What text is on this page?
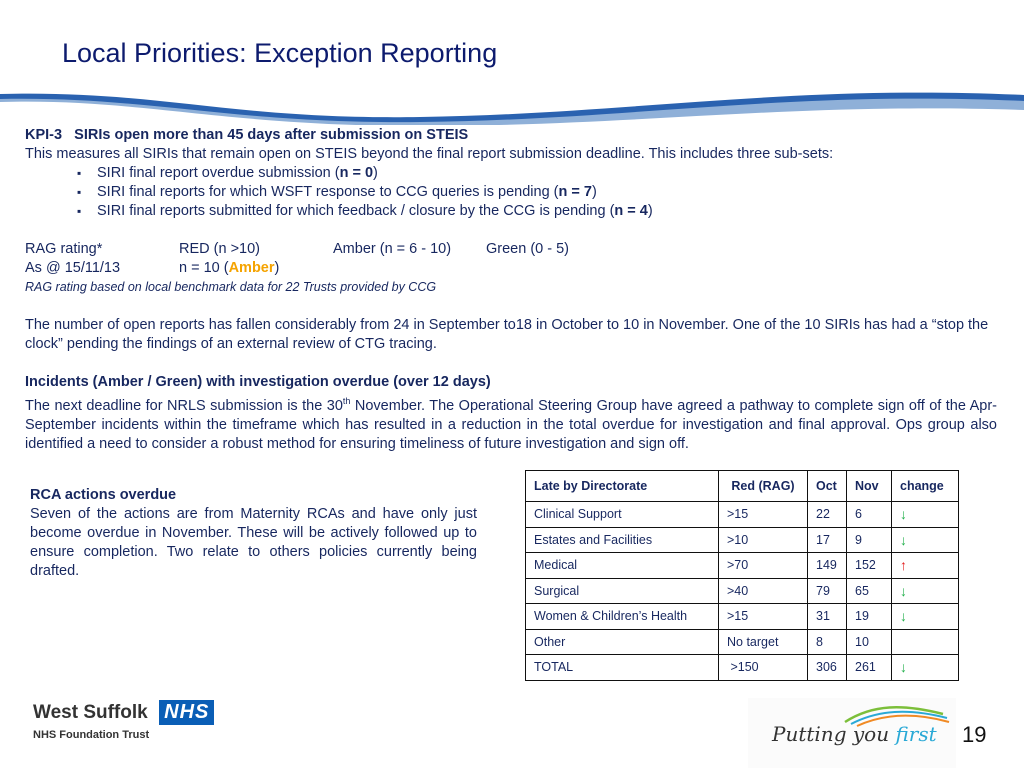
Local Priorities: Exception Reporting

KPI-3 SIRIs open more than 45 days after submission on STEIS

This measures all SIRIs that remain open on STEIS beyond the final report submission deadline. This includes three sub-sets:

▪ SIRI final report overdue submission (n = 0)
▪ SIRI final reports for which WSFT response to CCG queries is pending (n = 7)
▪ SIRI final reports submitted for which feedback / closure by the CCG is pending (n = 4)
RAG rating*	RED (n >10)	Amber (n = 6 - 10)	Green (0 - 5)
As @ 15/11/13	n = 10 (Amber)

RAG rating based on local benchmark data for 22 Trusts provided by CCG

The number of open reports has fallen considerably from 24 in September to18 in October to 10 in November. One of the 10 SIRIs has had a “stop the clock” pending the findings of an external review of CTG tracing.

Incidents (Amber / Green) with investigation overdue (over 12 days)

The next deadline for NRLS submission is the 30th November. The Operational Steering Group have agreed a pathway to complete sign off of the Apr-September incidents within the timeframe which has resulted in a reduction in the total overdue for investigation and final approval. Ops group also identified a need to consider a robust method for ensuring timeliness of future investigation and sign off.

RCA actions overdue

Seven of the actions are from Maternity RCAs and have only just become overdue in November. These will be actively followed up to ensure completion. Two relate to others policies currently being drafted.

Late by Directorate	Red (RAG)	Oct	Nov	change
Clinical Support	>15	22	6	↓
Estates and Facilities	>10	17	9	↓
Medical	>70	149	152	↑
Surgical	>40	79	65	↓
Women & Children’s Health	>15	31	19	↓
Other	No target	8	10	
TOTAL	>150	306	261	↓
West Suffolk NHS
NHS Foundation Trust	Putting you first 19
